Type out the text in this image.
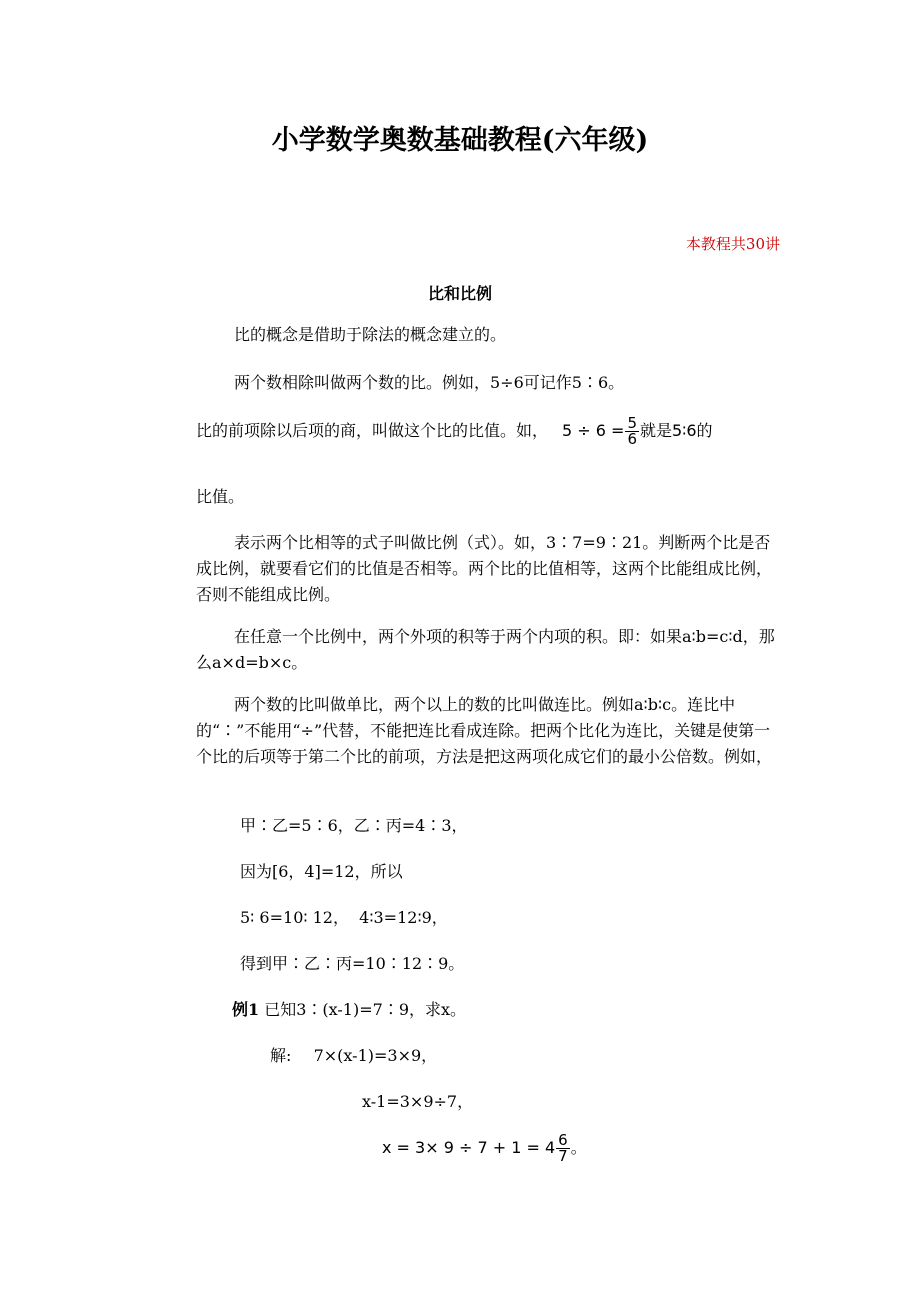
小学数学奥数基础教程(六年级)
本教程共30讲
比和比例
比的概念是借助于除法的概念建立的。
两个数相除叫做两个数的比。例如，5÷6可记作5∶6。
比的前项除以后项的商，叫做这个比的比值。如， $5 \div 6 = \frac{5}{6}$ 就是5∶6的
比值。
表示两个比相等的式子叫做比例（式）。如，3∶7=9∶21。判断两个比是否成比例，就要看它们的比值是否相等。两个比的比值相等，这两个比能组成比例，否则不能组成比例。
在任意一个比例中，两个外项的积等于两个内项的积。即：如果a∶b=c∶d，那么a×d=b×c。
两个数的比叫做单比，两个以上的数的比叫做连比。例如a∶b∶c。连比中的“∶”不能用“÷”代替，不能把连比看成连除。把两个比化为连比，关键是使第一个比的后项等于第二个比的前项，方法是把这两项化成它们的最小公倍数。例如，
甲∶乙=5∶6，乙∶丙=4∶3，
因为[6，4]=12，所以
5∶ 6=10∶ 12，  4∶3=12∶9，
得到甲∶乙∶丙=10∶12∶9。
例1 已知3∶(x-1)=7∶9，求x。
解: 7×(x-1)=3×9，
x-1=3×9÷7，
$x = 3\times 9 \div 7 + 1 = 4 \frac{6}{7}$ 。
